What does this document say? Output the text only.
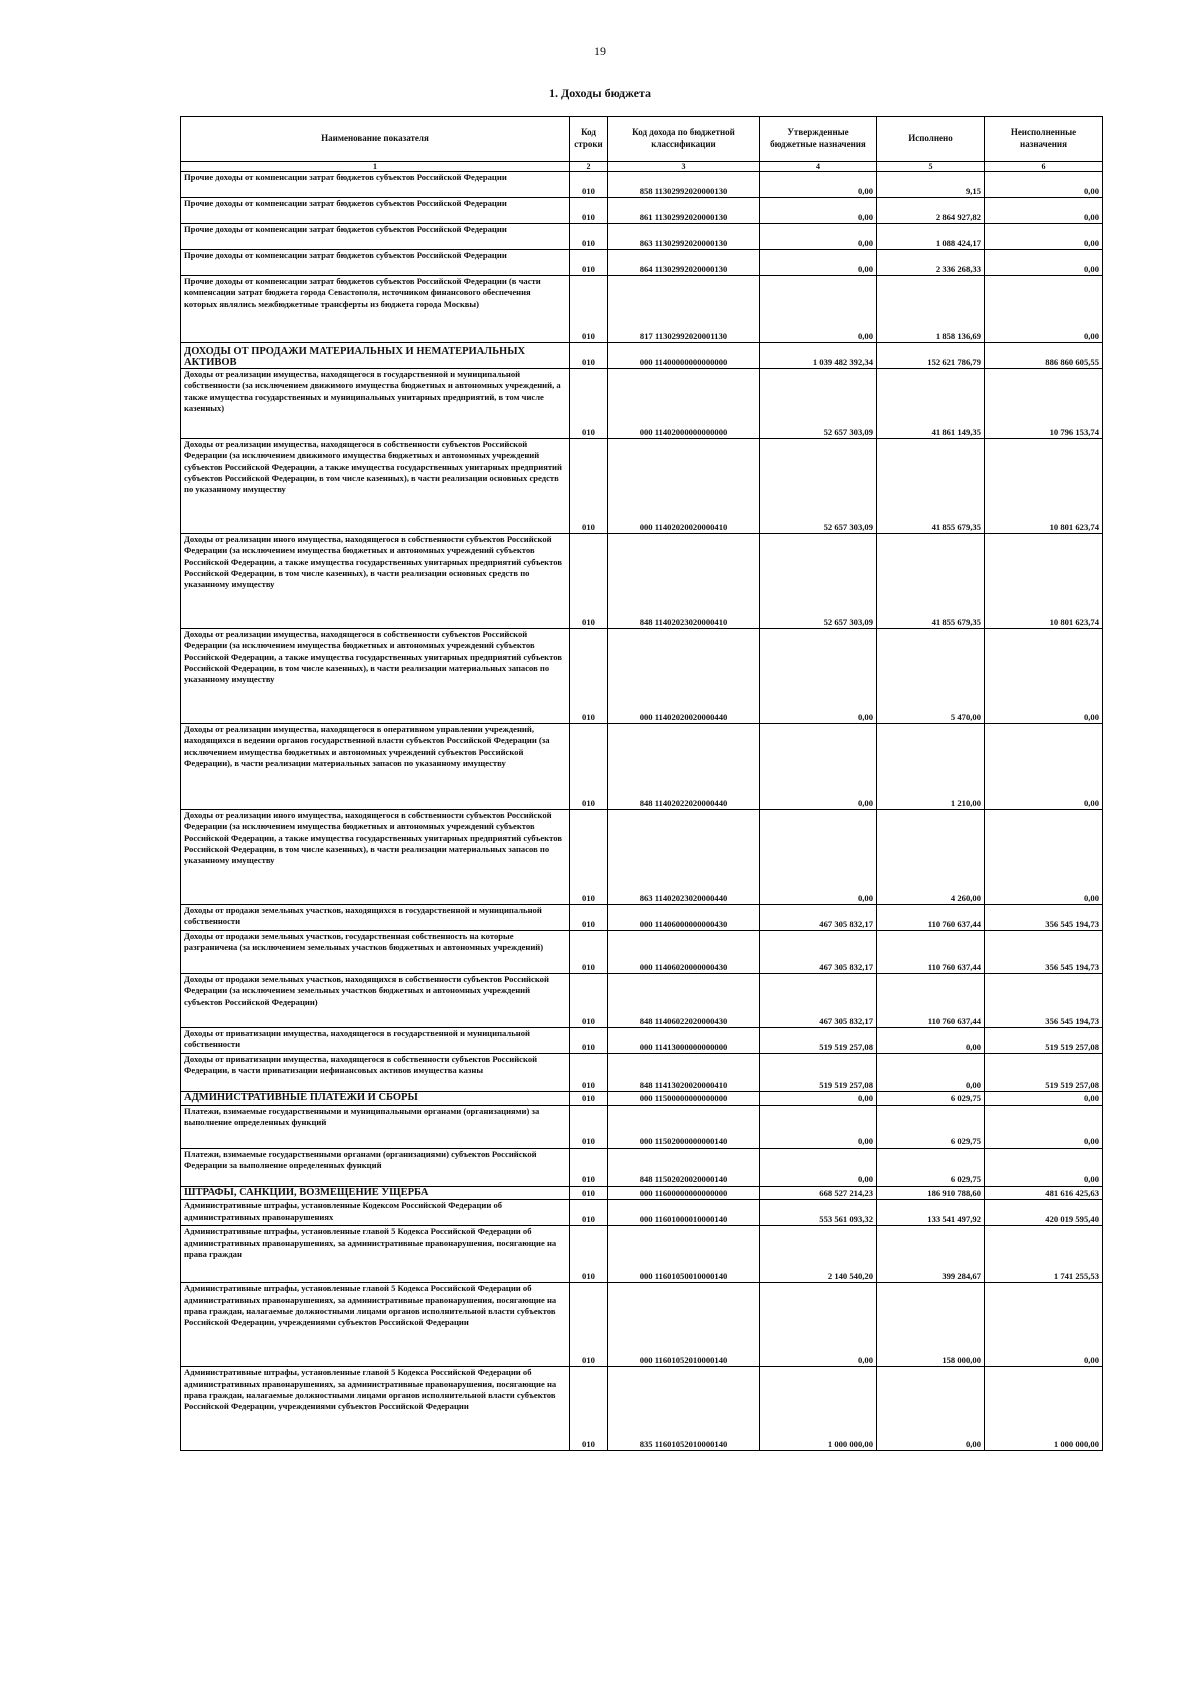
19
1. Доходы бюджета
Наименование показателя	Код строки	Код дохода по бюджетной классификации	Утвержденные бюджетные назначения	Исполнено	Неисполненные назначения
1	2	3	4	5	6
Прочие доходы от компенсации затрат бюджетов субъектов Российской Федерации	010	858 11302992020000130	0,00	9,15	0,00
Прочие доходы от компенсации затрат бюджетов субъектов Российской Федерации	010	861 11302992020000130	0,00	2 864 927,82	0,00
Прочие доходы от компенсации затрат бюджетов субъектов Российской Федерации	010	863 11302992020000130	0,00	1 088 424,17	0,00
Прочие доходы от компенсации затрат бюджетов субъектов Российской Федерации	010	864 11302992020000130	0,00	2 336 268,33	0,00
Прочие доходы от компенсации затрат бюджетов субъектов Российской Федерации (в части компенсации затрат бюджета города Севастополя, источником финансового обеспечения которых являлись межбюджетные трансферты из бюджета города Москвы)	010	817 11302992020001130	0,00	1 858 136,69	0,00
ДОХОДЫ ОТ ПРОДАЖИ МАТЕРИАЛЬНЫХ И НЕМАТЕРИАЛЬНЫХ АКТИВОВ	010	000 11400000000000000	1 039 482 392,34	152 621 786,79	886 860 605,55
Доходы от реализации имущества, находящегося в государственной и муниципальной собственности (за исключением движимого имущества бюджетных и автономных учреждений, а также имущества государственных и муниципальных унитарных предприятий, в том числе казенных)	010	000 11402000000000000	52 657 303,09	41 861 149,35	10 796 153,74
Доходы от реализации имущества, находящегося в собственности субъектов Российской Федерации (за исключением движимого имущества бюджетных и автономных учреждений субъектов Российской Федерации, а также имущества государственных унитарных предприятий субъектов Российской Федерации, в том числе казенных), в части реализации основных средств по указанному имуществу	010	000 11402020020000410	52 657 303,09	41 855 679,35	10 801 623,74
Доходы от реализации иного имущества, находящегося в собственности субъектов Российской Федерации (за исключением имущества бюджетных и автономных учреждений субъектов Российской Федерации, а также имущества государственных унитарных предприятий субъектов Российской Федерации, в том числе казенных), в части реализации основных средств по указанному имуществу	010	848 11402023020000410	52 657 303,09	41 855 679,35	10 801 623,74
Доходы от реализации имущества, находящегося в собственности субъектов Российской Федерации (за исключением имущества бюджетных и автономных учреждений субъектов Российской Федерации, а также имущества государственных унитарных предприятий субъектов Российской Федерации, в том числе казенных), в части реализации материальных запасов по указанному имуществу	010	000 11402020020000440	0,00	5 470,00	0,00
Доходы от реализации имущества, находящегося в оперативном управлении учреждений, находящихся в ведении органов государственной власти субъектов Российской Федерации (за исключением имущества бюджетных и автономных учреждений субъектов Российской Федерации), в части реализации материальных запасов по указанному имуществу	010	848 11402022020000440	0,00	1 210,00	0,00
Доходы от реализации иного имущества, находящегося в собственности субъектов Российской Федерации (за исключением имущества бюджетных и автономных учреждений субъектов Российской Федерации, а также имущества государственных унитарных предприятий субъектов Российской Федерации, в том числе казенных), в части реализации материальных запасов по указанному имуществу	010	863 11402023020000440	0,00	4 260,00	0,00
Доходы от продажи земельных участков, находящихся в государственной и муниципальной собственности	010	000 11406000000000430	467 305 832,17	110 760 637,44	356 545 194,73
Доходы от продажи земельных участков, государственная собственность на которые разграничена (за исключением земельных участков бюджетных и автономных учреждений)	010	000 11406020000000430	467 305 832,17	110 760 637,44	356 545 194,73
Доходы от продажи земельных участков, находящихся в собственности субъектов Российской Федерации (за исключением земельных участков бюджетных и автономных учреждений субъектов Российской Федерации)	010	848 11406022020000430	467 305 832,17	110 760 637,44	356 545 194,73
Доходы от приватизации имущества, находящегося в государственной и муниципальной собственности	010	000 11413000000000000	519 519 257,08	0,00	519 519 257,08
Доходы от приватизации имущества, находящегося в собственности субъектов Российской Федерации, в части приватизации нефинансовых активов имущества казны	010	848 11413020020000410	519 519 257,08	0,00	519 519 257,08
АДМИНИСТРАТИВНЫЕ ПЛАТЕЖИ И СБОРЫ	010	000 11500000000000000	0,00	6 029,75	0,00
Платежи, взимаемые государственными и муниципальными органами (организациями) за выполнение определенных функций	010	000 11502000000000140	0,00	6 029,75	0,00
Платежи, взимаемые государственными органами (организациями) субъектов Российской Федерации за выполнение определенных функций	010	848 11502020020000140	0,00	6 029,75	0,00
ШТРАФЫ, САНКЦИИ, ВОЗМЕЩЕНИЕ УЩЕРБА	010	000 11600000000000000	668 527 214,23	186 910 788,60	481 616 425,63
Административные штрафы, установленные Кодексом Российской Федерации об административных правонарушениях	010	000 11601000010000140	553 561 093,32	133 541 497,92	420 019 595,40
Административные штрафы, установленные главой 5 Кодекса Российской Федерации об административных правонарушениях, за административные правонарушения, посягающие на права граждан	010	000 11601050010000140	2 140 540,20	399 284,67	1 741 255,53
Административные штрафы, установленные главой 5 Кодекса Российской Федерации об административных правонарушениях, за административные правонарушения, посягающие на права граждан, налагаемые должностными лицами органов исполнительной власти субъектов Российской Федерации, учреждениями субъектов Российской Федерации	010	000 11601052010000140	0,00	158 000,00	0,00
Административные штрафы, установленные главой 5 Кодекса Российской Федерации об административных правонарушениях, за административные правонарушения, посягающие на права граждан, налагаемые должностными лицами органов исполнительной власти субъектов Российской Федерации, учреждениями субъектов Российской Федерации	010	835 11601052010000140	1 000 000,00	0,00	1 000 000,00
